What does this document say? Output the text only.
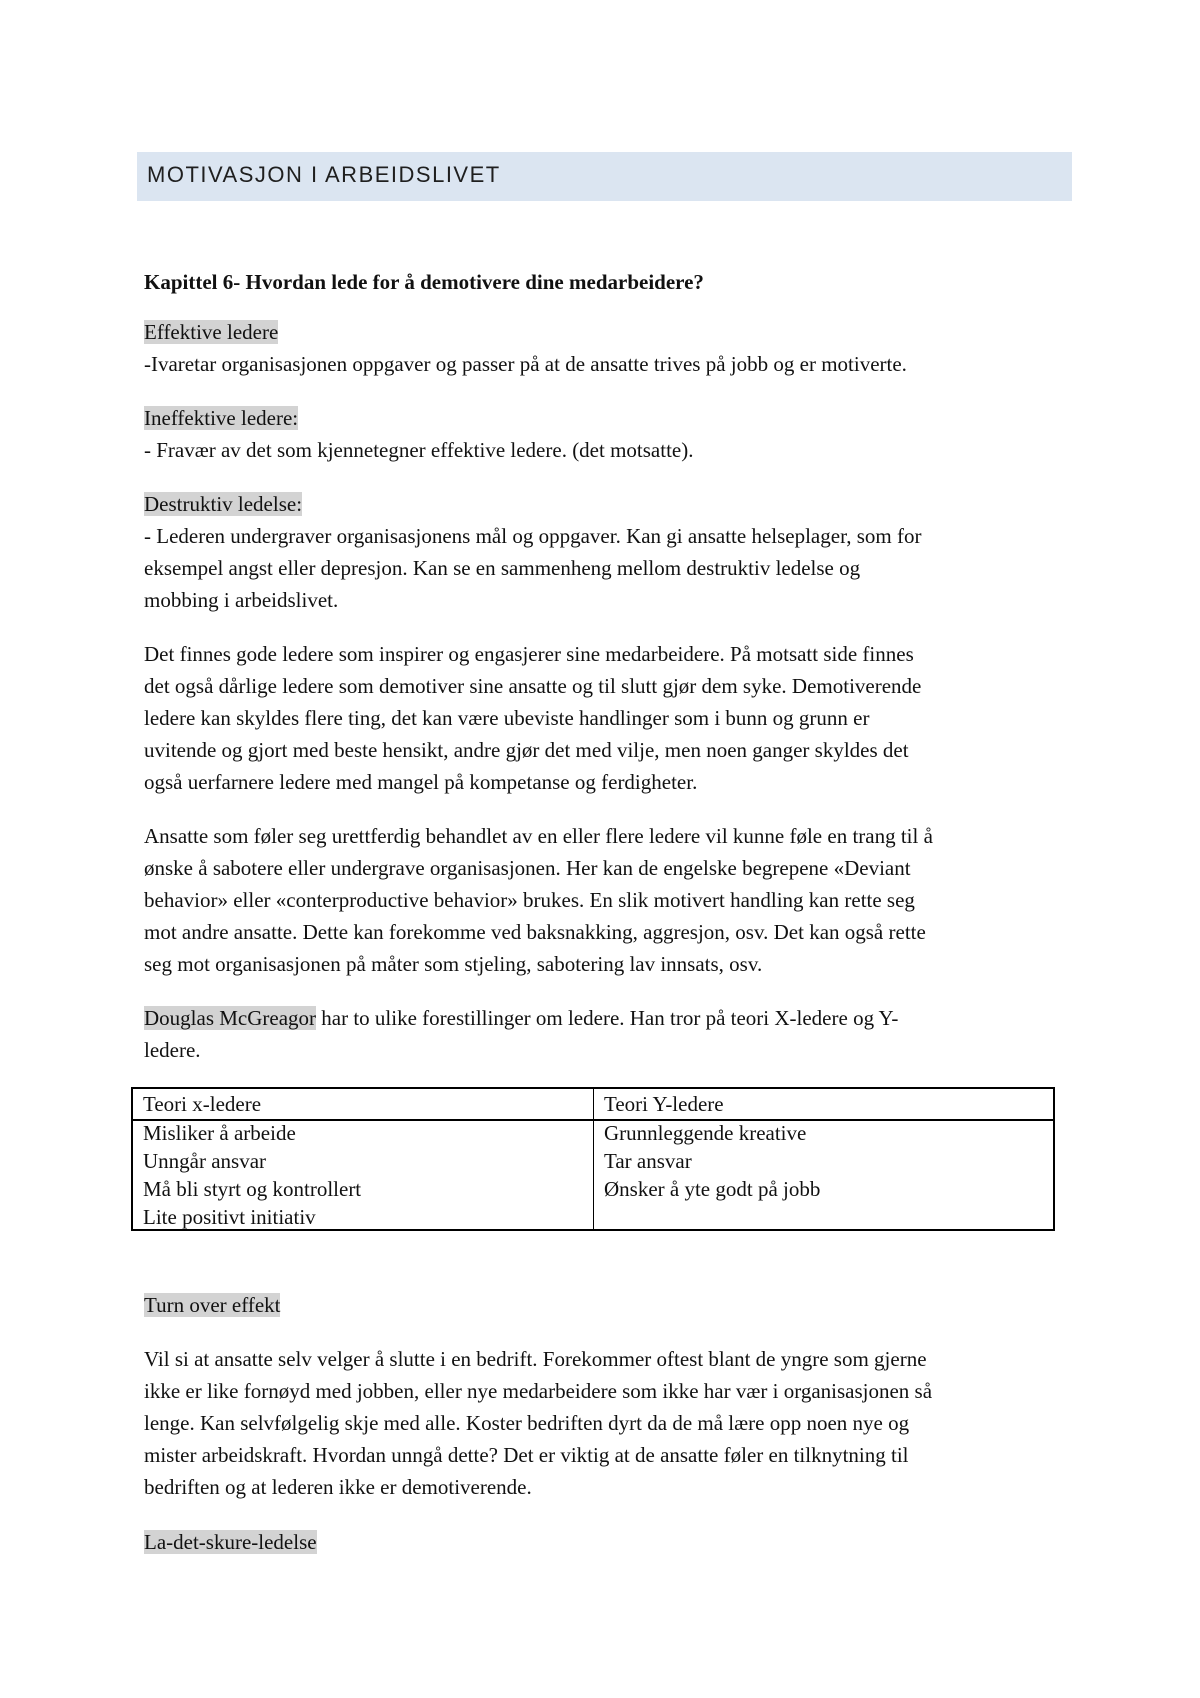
MOTIVASJON I ARBEIDSLIVET
Kapittel 6- Hvordan lede for å demotivere dine medarbeidere?
Effektive ledere
-Ivaretar organisasjonen oppgaver og passer på at de ansatte trives på jobb og er motiverte.
Ineffektive ledere:
- Fravær av det som kjennetegner effektive ledere. (det motsatte).
Destruktiv ledelse:
- Lederen undergraver organisasjonens mål og oppgaver. Kan gi ansatte helseplager, som for
eksempel angst eller depresjon. Kan se en sammenheng mellom destruktiv ledelse og
mobbing i arbeidslivet.
Det finnes gode ledere som inspirer og engasjerer sine medarbeidere. På motsatt side finnes
det også dårlige ledere som demotiver sine ansatte og til slutt gjør dem syke. Demotiverende
ledere kan skyldes flere ting, det kan være ubeviste handlinger som i bunn og grunn er
uvitende og gjort med beste hensikt, andre gjør det med vilje, men noen ganger skyldes det
også uerfarnere ledere med mangel på kompetanse og ferdigheter.
Ansatte som føler seg urettferdig behandlet av en eller flere ledere vil kunne føle en trang til å
ønske å sabotere eller undergrave organisasjonen. Her kan de engelske begrepene «Deviant
behavior» eller «conterproductive behavior» brukes. En slik motivert handling kan rette seg
mot andre ansatte. Dette kan forekomme ved baksnakking, aggresjon, osv. Det kan også rette
seg mot organisasjonen på måter som stjeling, sabotering lav innsats, osv.
Douglas McGreagor har to ulike forestillinger om ledere. Han tror på teori X-ledere og Y-
ledere.
Turn over effekt
Vil si at ansatte selv velger å slutte i en bedrift. Forekommer oftest blant de yngre som gjerne
ikke er like fornøyd med jobben, eller nye medarbeidere som ikke har vær i organisasjonen så
lenge. Kan selvfølgelig skje med alle. Koster bedriften dyrt da de må lære opp noen nye og
mister arbeidskraft. Hvordan unngå dette? Det er viktig at de ansatte føler en tilknytning til
bedriften og at lederen ikke er demotiverende.
La-det-skure-ledelse
Teori x-ledere	Teori Y-ledere
Misliker å arbeide
Unngår ansvar
Må bli styrt og kontrollert
Lite positivt initiativ
Grunnleggende kreative
Tar ansvar
Ønsker å yte godt på jobb
